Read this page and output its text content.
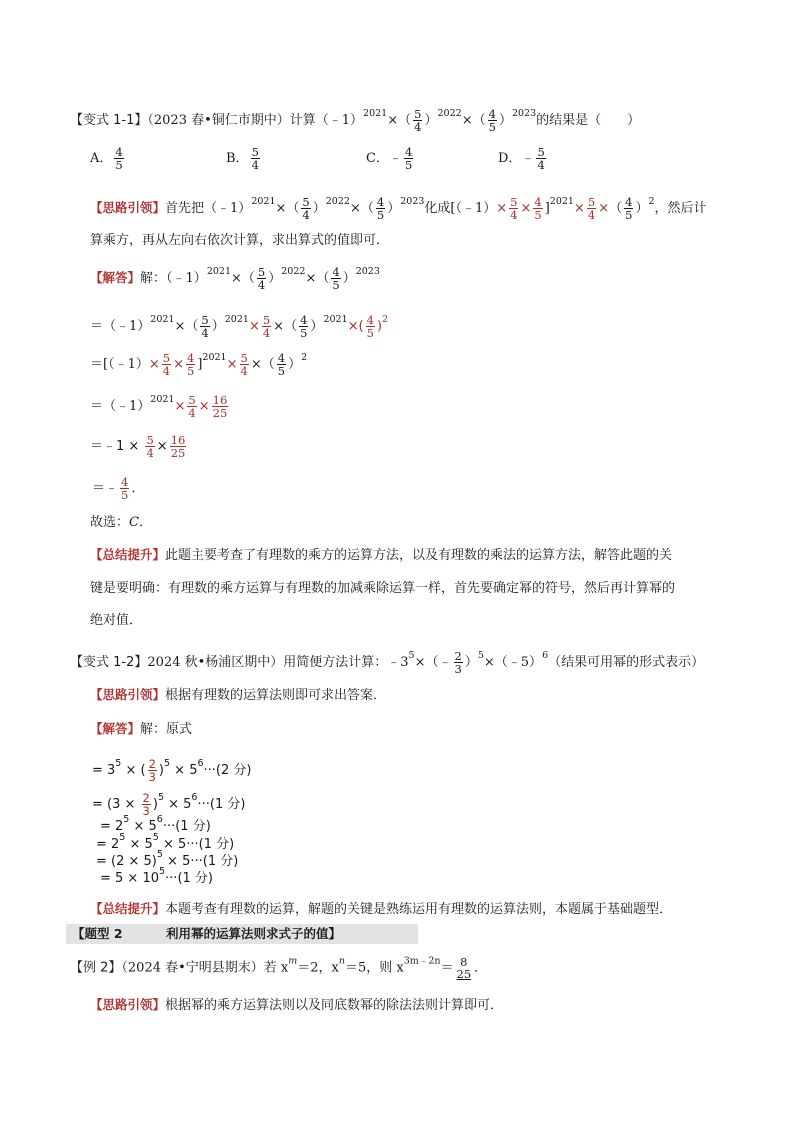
【变式 1-1】（2023 春•铜仁市期中）计算（﹣1）$^{2021}$×（ $\frac{5}{4} )^{2022}\times( \frac{4}{5} )^{2023}$的结果是（　　）
A． $\frac{4}{5}$	B． $\frac{5}{4}$	C．﹣ $\frac{4}{5}$	D．﹣ $\frac{5}{4}$
【思路引领】首先把（﹣1）$^{2021}$×（ $\frac{5}{4} )^{2022}\times( \frac{4}{5} )^{2023}$化成[（﹣1）× $\frac{5}{4} \times \frac{4}{5} ]^{2021}\times \frac{5}{4}$ ×（ $\frac{4}{5} )^2$，然后计
算乘方，再从左向右依次计算，求出算式的值即可．
【解答】解：（﹣1）$^{2021}$×（ $\frac{5}{4} )^{2022}\times( \frac{4}{5} )^{2023}$
＝（﹣1）$^{2021}$×（ $\frac{5}{4} )^{2021}\times \frac{5}{4}$ ×（ $\frac{4}{5} )^{2021}\times( \frac{4}{5} )^2$
＝[（﹣1）× $\frac{5}{4} \times \frac{4}{5} ]^{2021}\times \frac{5}{4}$ ×（ $\frac{4}{5} )^2$
＝（﹣1）$^{2021}$× $\frac{5}{4} \times \frac{16}{25}$
＝﹣1 × $\frac{5}{4} \times \frac{16}{25}$
＝﹣ $\frac{4}{5}$ ．
故选：C．
【总结提升】此题主要考查了有理数的乘方的运算方法，以及有理数的乘法的运算方法，解答此题的关
键是要明确：有理数的乘方运算与有理数的加减乘除运算一样，首先要确定幂的符号，然后再计算幂的
绝对值．
【变式 1-2】2024 秋•杨浦区期中）用简便方法计算：$﹣3^5\times(﹣ \frac{2}{3}$ ）$^5$×（﹣5）$^6$（结果可用幂的形式表示）
【思路引领】根据有理数的运算法则即可求出答案．
【解答】解：原式
= $3^5$ × ( $\frac{2}{3} )^5 \times 5^6\cdot\cdot\cdot(2$ 分)
= $(3 \times \frac{2}{3} )^5 \times 5^6\cdot\cdot\cdot(1$ 分)
= $2^5 \times 5^6\cdot\cdot\cdot(1$ 分)
= $2^5 \times 5^5 \times 5\cdot\cdot\cdot(1$ 分)
= $(2 \times 5)^5 \times 5\cdot\cdot\cdot(1$ 分)
= $5 \times 10^5\cdot\cdot\cdot(1$ 分)
【总结提升】本题考查有理数的运算，解题的关键是熟练运用有理数的运算法则，本题属于基础题型．
【题型 2	利用幂的运算法则求式子的值】
【例 2】（2024 春•宁明县期末）若 $x^m=2$，$x^n=5$，则 $x^{3m﹣2n}= 8$
25 ．
【思路引领】根据幂的乘方运算法则以及同底数幂的除法法则计算即可．
